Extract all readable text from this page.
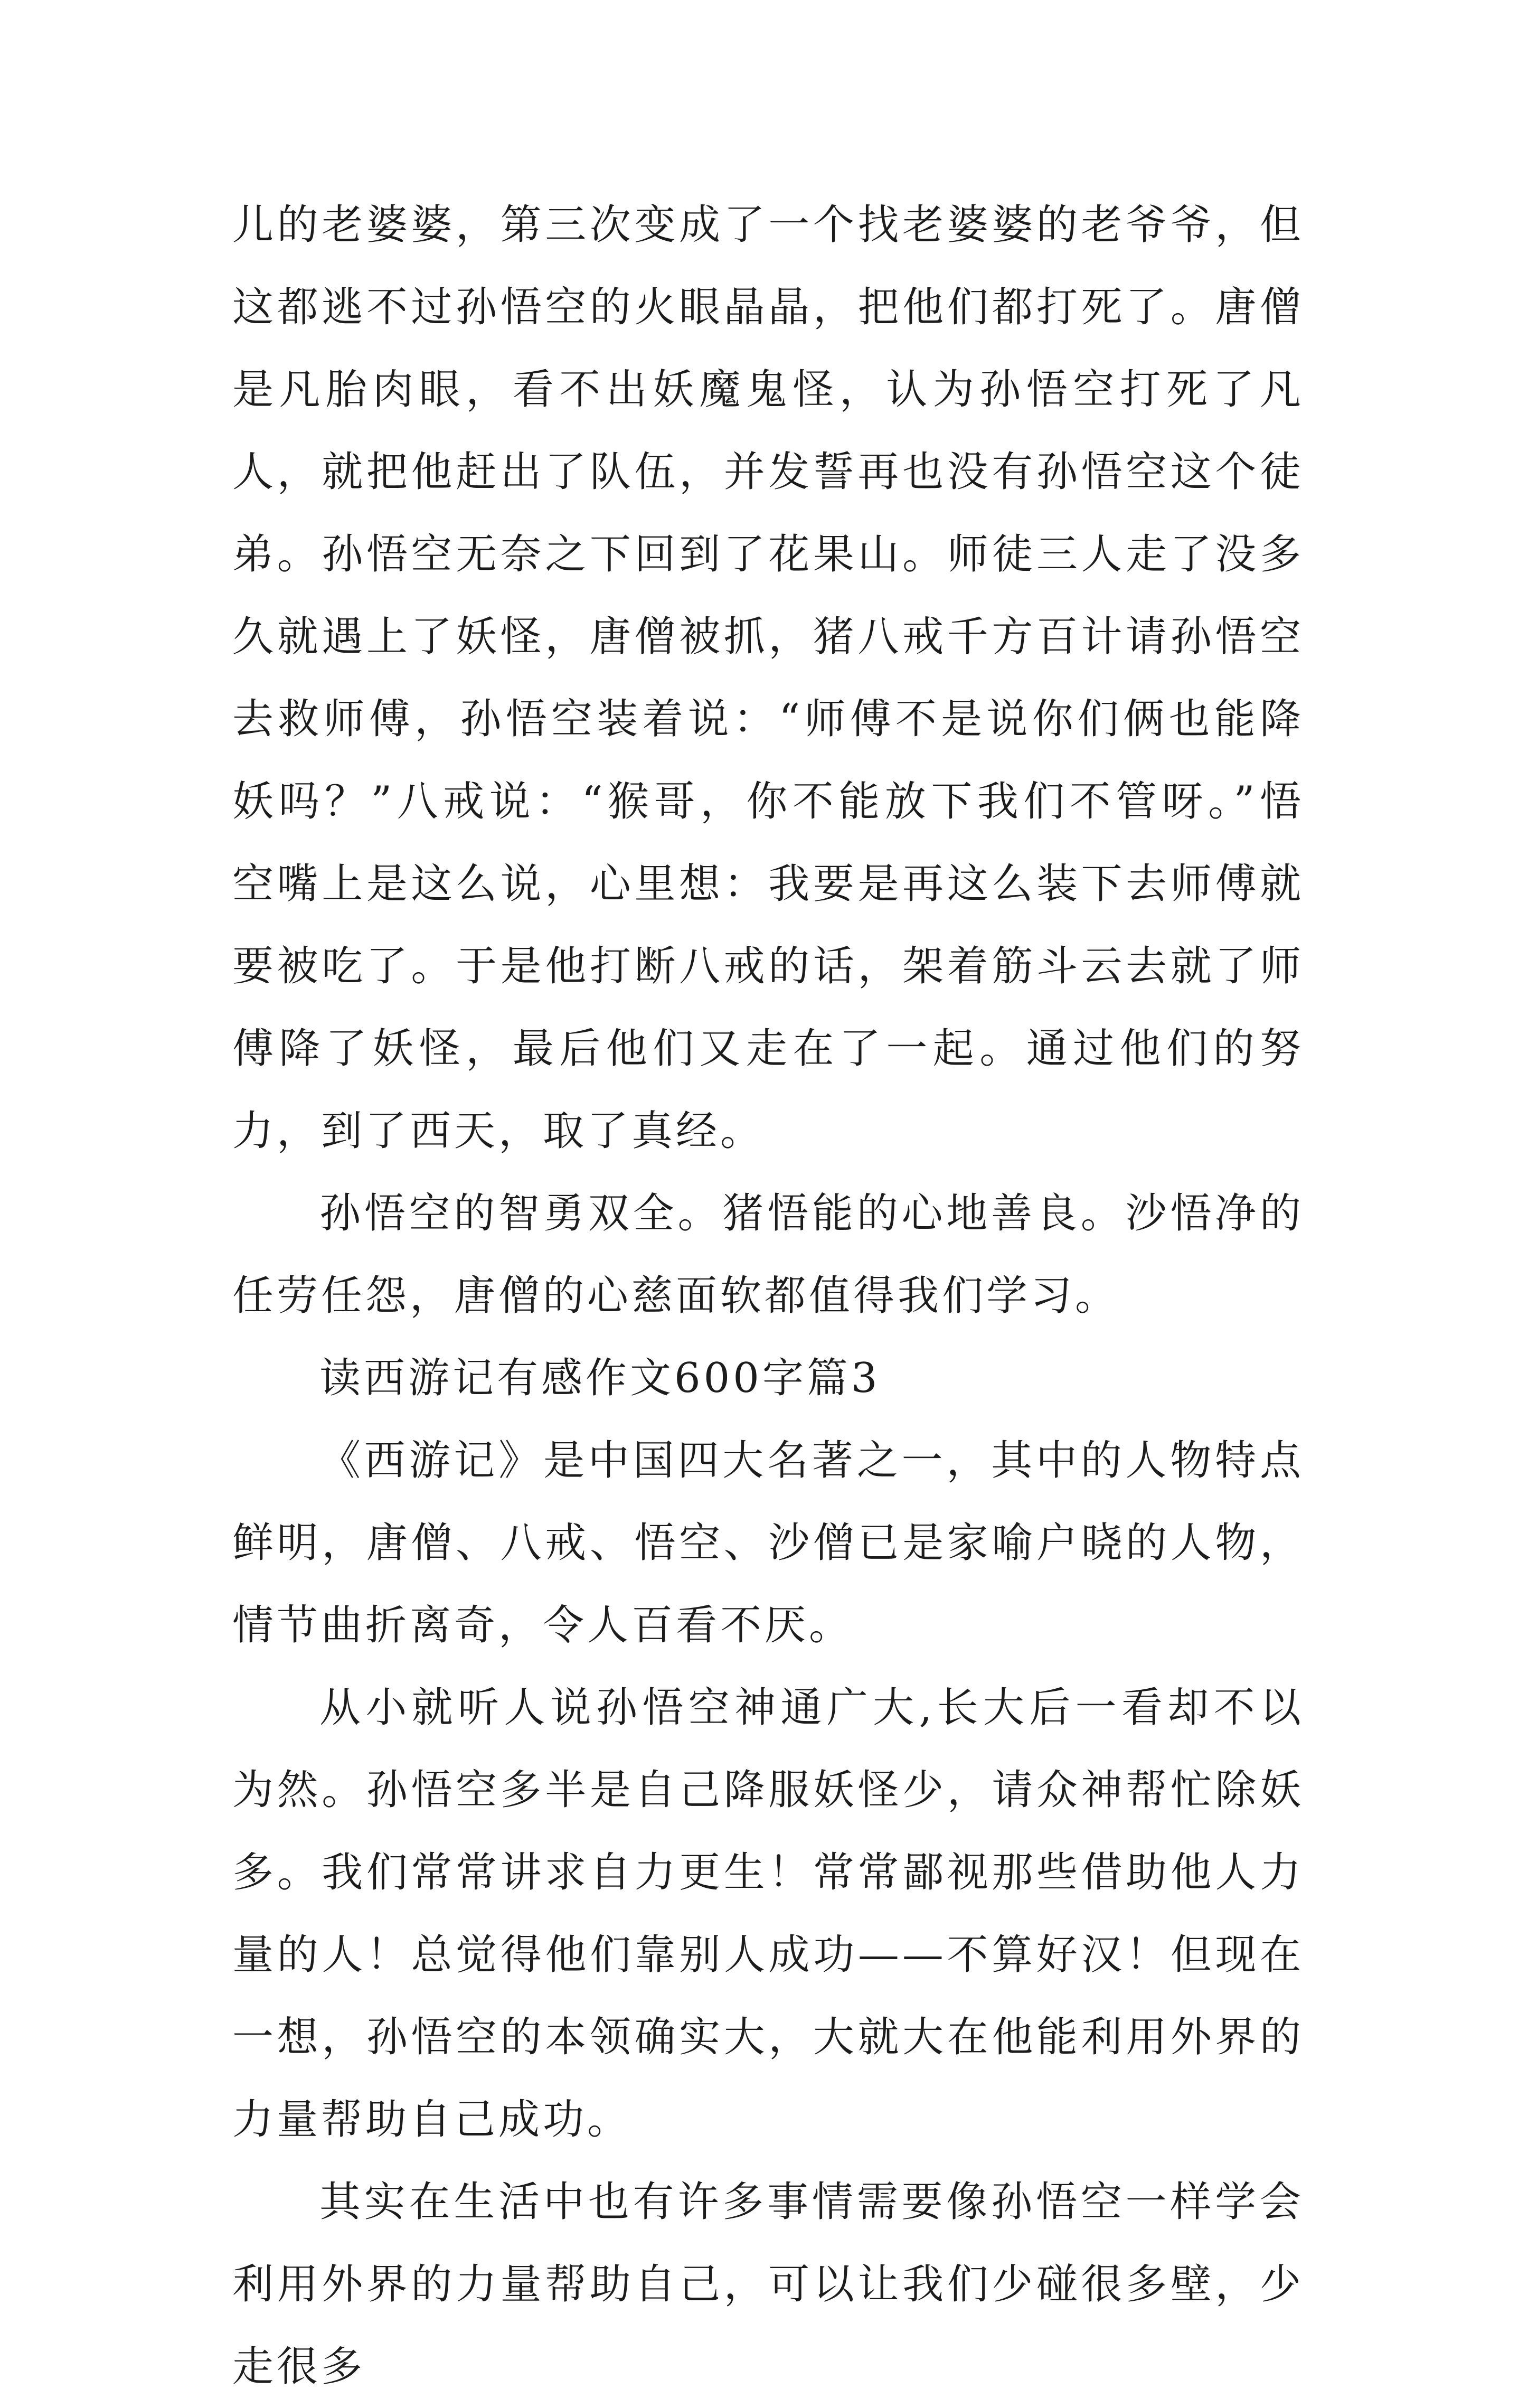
儿的老婆婆，第三次变成了一个找老婆婆的老爷爷，但这都逃不过孙悟空的火眼晶晶，把他们都打死了。唐僧是凡胎肉眼，看不出妖魔鬼怪，认为孙悟空打死了凡人，就把他赶出了队伍，并发誓再也没有孙悟空这个徒弟。孙悟空无奈之下回到了花果山。师徒三人走了没多久就遇上了妖怪，唐僧被抓，猪八戒千方百计请孙悟空去救师傅，孙悟空装着说：“师傅不是说你们俩也能降妖吗？”八戒说：“猴哥，你不能放下我们不管呀。”悟空嘴上是这么说，心里想：我要是再这么装下去师傅就要被吃了。于是他打断八戒的话，架着筋斗云去就了师傅降了妖怪，最后他们又走在了一起。通过他们的努力，到了西天，取了真经。

孙悟空的智勇双全。猪悟能的心地善良。沙悟净的任劳任怨，唐僧的心慈面软都值得我们学习。

读西游记有感作文600字篇3

《西游记》是中国四大名著之一，其中的人物特点鲜明，唐僧、八戒、悟空、沙僧已是家喻户晓的人物，情节曲折离奇，令人百看不厌。

从小就听人说孙悟空神通广大,长大后一看却不以为然。孙悟空多半是自己降服妖怪少，请众神帮忙除妖多。我们常常讲求自力更生！常常鄙视那些借助他人力量的人！总觉得他们靠别人成功——不算好汉！但现在一想，孙悟空的本领确实大，大就大在他能利用外界的力量帮助自己成功。

其实在生活中也有许多事情需要像孙悟空一样学会利用外界的力量帮助自己，可以让我们少碰很多壁，少走很多
